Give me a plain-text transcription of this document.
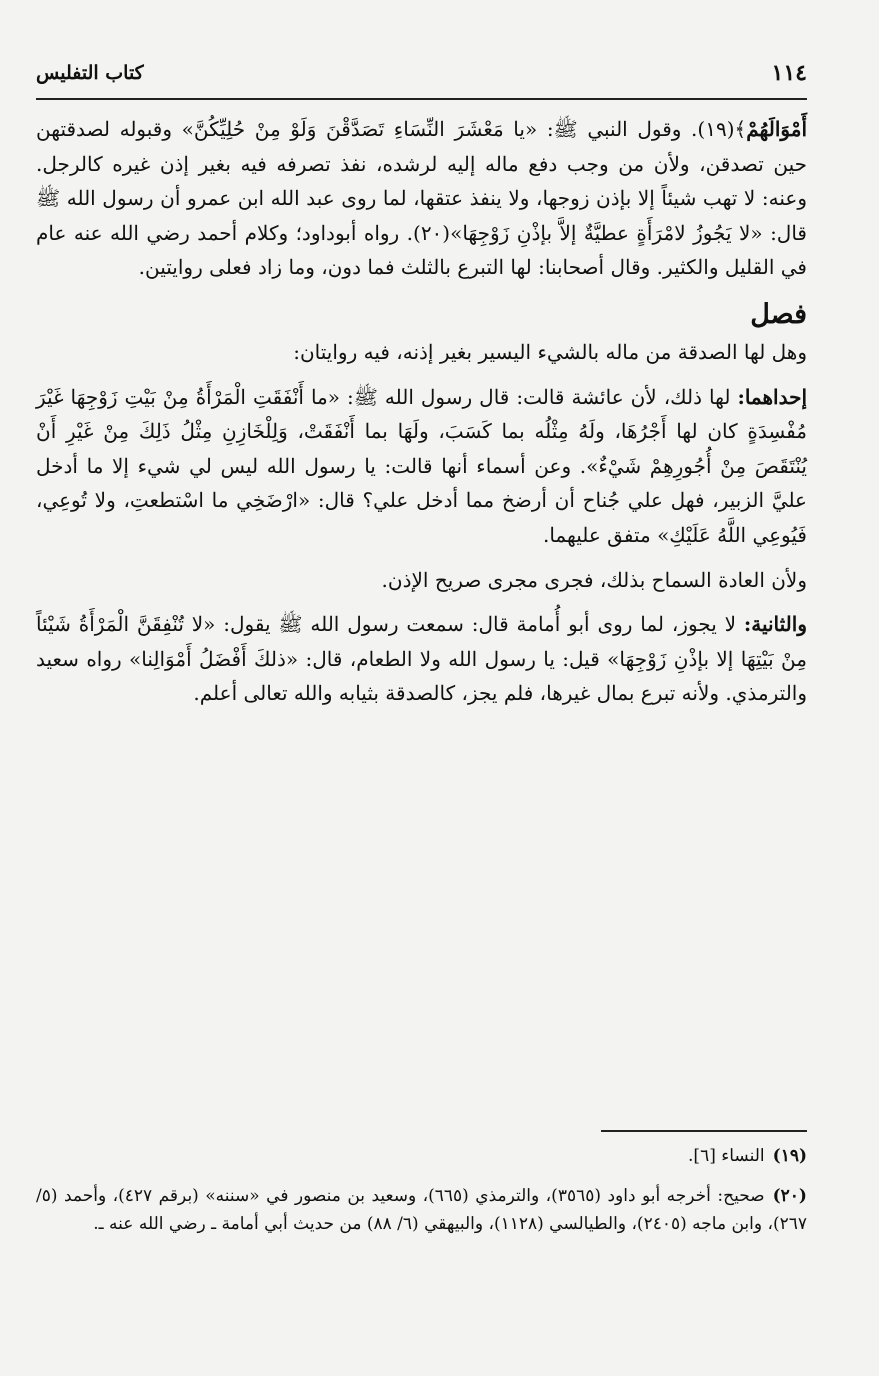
١١٤
كتاب التفليس

أَمْوَالَهُمْ﴾(١٩). وقول النبي ﷺ: «يا مَعْشَرَ النِّسَاءِ تَصَدَّقْنَ وَلَوْ مِنْ حُلِيِّكُنَّ» وقبوله لصدقتهن حين تصدقن، ولأن من وجب دفع ماله إليه لرشده، نفذ تصرفه فيه بغير إذن غيره كالرجل. وعنه: لا تهب شيئاً إلا بإذن زوجها، ولا ينفذ عتقها، لما روى عبد الله ابن عمرو أن رسول الله ﷺ قال: «لا يَجُوزُ لامْرَأَةٍ عطيَّةٌ إلاَّ بإذْنِ زَوْجِهَا»(٢٠). رواه أبوداود؛ وكلام أحمد رضي الله عنه عام في القليل والكثير. وقال أصحابنا: لها التبرع بالثلث فما دون، وما زاد فعلى روايتين.

فصل

وهل لها الصدقة من ماله بالشيء اليسير بغير إذنه، فيه روايتان:

إحداهما: لها ذلك، لأن عائشة قالت: قال رسول الله ﷺ: «ما أَنْفَقَتِ الْمَرْأَةُ مِنْ بَيْتِ زَوْجِهَا غَيْرَ مُفْسِدَةٍ كان لها أَجْرُهَا، ولَهُ مِثْلُه بما كَسَبَ، ولَهَا بما أَنْفَقَتْ، وَلِلْخَازِنِ مِثْلُ ذَلِكَ مِنْ غَيْرِ أَنْ يُنْتَقَصَ مِنْ أُجُورِهِمْ شَيْءٌ». وعن أسماء أنها قالت: يا رسول الله ليس لي شيء إلا ما أدخل عليَّ الزبير، فهل علي جُناح أن أرضخ مما أدخل علي؟ قال: «ارْضَخِي ما اسْتطعتِ، ولا تُوعِي، فَيُوعِي اللَّهُ عَلَيْكِ» متفق عليهما.

ولأن العادة السماح بذلك، فجرى مجرى صريح الإذن.

والثانية: لا يجوز، لما روى أبو أُمامة قال: سمعت رسول الله ﷺ يقول: «لا تُنْفِقَنَّ الْمَرْأَةُ شَيْئاً مِنْ بَيْتِهَا إلا بإذْنِ زَوْجِهَا» قيل: يا رسول الله ولا الطعام، قال: «ذلكَ أَفْضَلُ أَمْوَالِنا» رواه سعيد والترمذي. ولأنه تبرع بمال غيرها، فلم يجز، كالصدقة بثيابه والله تعالى أعلم.

(١٩)النساء [٦].

(٢٠)صحيح: أخرجه أبو داود (٣٥٦٥)، والترمذي (٦٦٥)، وسعيد بن منصور في «سننه» (برقم ٤٢٧)، وأحمد (٥/ ٢٦٧)، وابن ماجه (٢٤٠٥)، والطيالسي (١١٢٨)، والبيهقي (٦/ ٨٨) من حديث أبي أمامة ـ رضي الله عنه ـ.
